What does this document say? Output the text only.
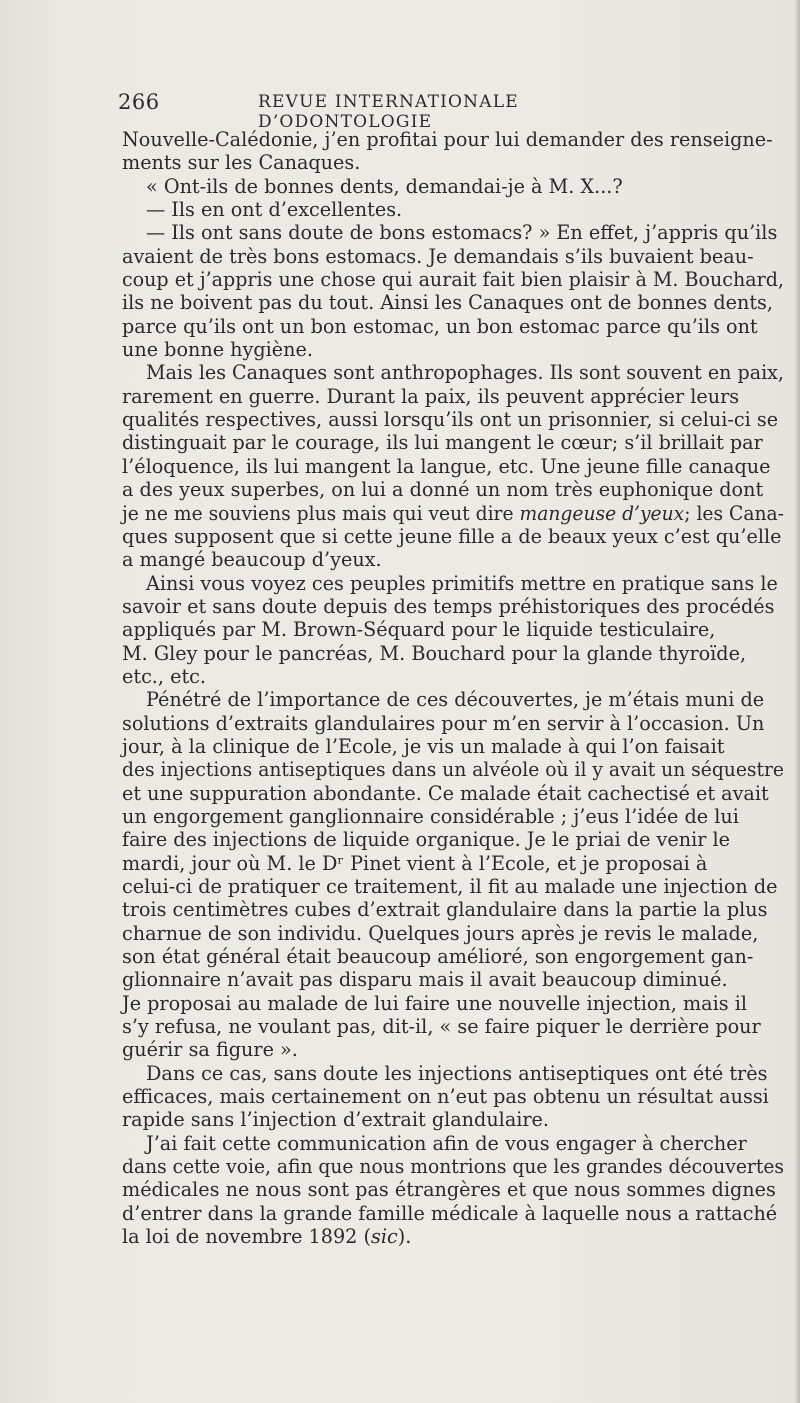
266	REVUE INTERNATIONALE D’ODONTOLOGIE
Nouvelle-Calédonie, j’en profitai pour lui demander des renseigne-
ments sur les Canaques.
« Ont-ils de bonnes dents, demandai-je à M. X...?
— Ils en ont d’excellentes.
— Ils ont sans doute de bons estomacs? » En effet, j’appris qu’ils
avaient de très bons estomacs. Je demandais s’ils buvaient beau-
coup et j’appris une chose qui aurait fait bien plaisir à M. Bouchard,
ils ne boivent pas du tout. Ainsi les Canaques ont de bonnes dents,
parce qu’ils ont un bon estomac, un bon estomac parce qu’ils ont
une bonne hygiène.
Mais les Canaques sont anthropophages. Ils sont souvent en paix,
rarement en guerre. Durant la paix, ils peuvent apprécier leurs
qualités respectives, aussi lorsqu’ils ont un prisonnier, si celui-ci se
distinguait par le courage, ils lui mangent le cœur; s’il brillait par
l’éloquence, ils lui mangent la langue, etc. Une jeune fille canaque
a des yeux superbes, on lui a donné un nom très euphonique dont
je ne me souviens plus mais qui veut dire mangeuse d’yeux; les Cana-
ques supposent que si cette jeune fille a de beaux yeux c’est qu’elle
a mangé beaucoup d’yeux.
Ainsi vous voyez ces peuples primitifs mettre en pratique sans le
savoir et sans doute depuis des temps préhistoriques des procédés
appliqués par M. Brown-Séquard pour le liquide testiculaire,
M. Gley pour le pancréas, M. Bouchard pour la glande thyroïde,
etc., etc.
Pénétré de l’importance de ces découvertes, je m’étais muni de
solutions d’extraits glandulaires pour m’en servir à l’occasion. Un
jour, à la clinique de l’Ecole, je vis un malade à qui l’on faisait
des injections antiseptiques dans un alvéole où il y avait un séquestre
et une suppuration abondante. Ce malade était cachectisé et avait
un engorgement ganglionnaire considérable ; j’eus l’idée de lui
faire des injections de liquide organique. Je le priai de venir le
mardi, jour où M. le Dʳ Pinet vient à l’Ecole, et je proposai à
celui-ci de pratiquer ce traitement, il fit au malade une injection de
trois centimètres cubes d’extrait glandulaire dans la partie la plus
charnue de son individu. Quelques jours après je revis le malade,
son état général était beaucoup amélioré, son engorgement gan-
glionnaire n’avait pas disparu mais il avait beaucoup diminué.
Je proposai au malade de lui faire une nouvelle injection, mais il
s’y refusa, ne voulant pas, dit-il, « se faire piquer le derrière pour
guérir sa figure ».
Dans ce cas, sans doute les injections antiseptiques ont été très
efficaces, mais certainement on n’eut pas obtenu un résultat aussi
rapide sans l’injection d’extrait glandulaire.
J’ai fait cette communication afin de vous engager à chercher
dans cette voie, afin que nous montrions que les grandes découvertes
médicales ne nous sont pas étrangères et que nous sommes dignes
d’entrer dans la grande famille médicale à laquelle nous a rattaché
la loi de novembre 1892 (sic).
